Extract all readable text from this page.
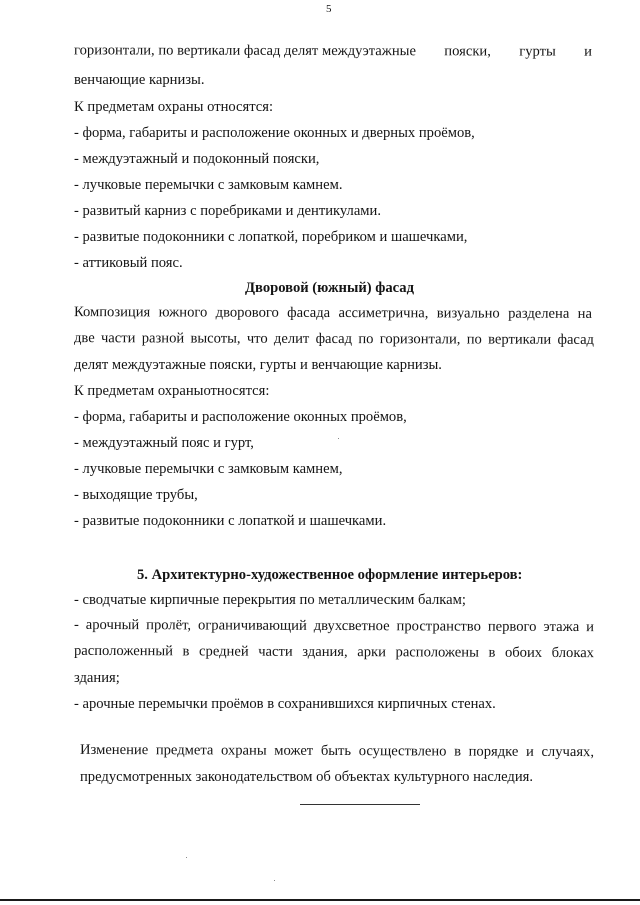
5
горизонтали, по вертикали фасад делят междуэтажные пояски, гурты и
венчающие карнизы.
К предметам охраны относятся:
- форма, габариты и расположение оконных и дверных проёмов,
- междуэтажный и подоконный пояски,
- лучковые перемычки с замковым камнем.
- развитый карниз с поребриками и дентикулами.
- развитые подоконники с лопаткой, поребриком и шашечками,
- аттиковый пояс.
Дворовой (южный) фасад
Композиция южного дворового фасада ассиметрична, визуально разделена на
две части разной высоты, что делит фасад по горизонтали, по вертикали фасад
делят междуэтажные пояски, гурты и венчающие карнизы.
К предметам охраныотносятся:
- форма, габариты и расположение оконных проёмов,
- междуэтажный пояс и гурт,
- лучковые перемычки с замковым камнем,
- выходящие трубы,
- развитые подоконники с лопаткой и шашечками.
5. Архитектурно-художественное оформление интерьеров:
- сводчатые кирпичные перекрытия по металлическим балкам;
- арочный пролёт, ограничивающий двухсветное пространство первого этажа и
расположенный в средней части здания, арки расположены в обоих блоках
здания;
- арочные перемычки проёмов в сохранившихся кирпичных стенах.
Изменение предмета охраны может быть осуществлено в порядке и случаях,
предусмотренных законодательством об объектах культурного наследия.
